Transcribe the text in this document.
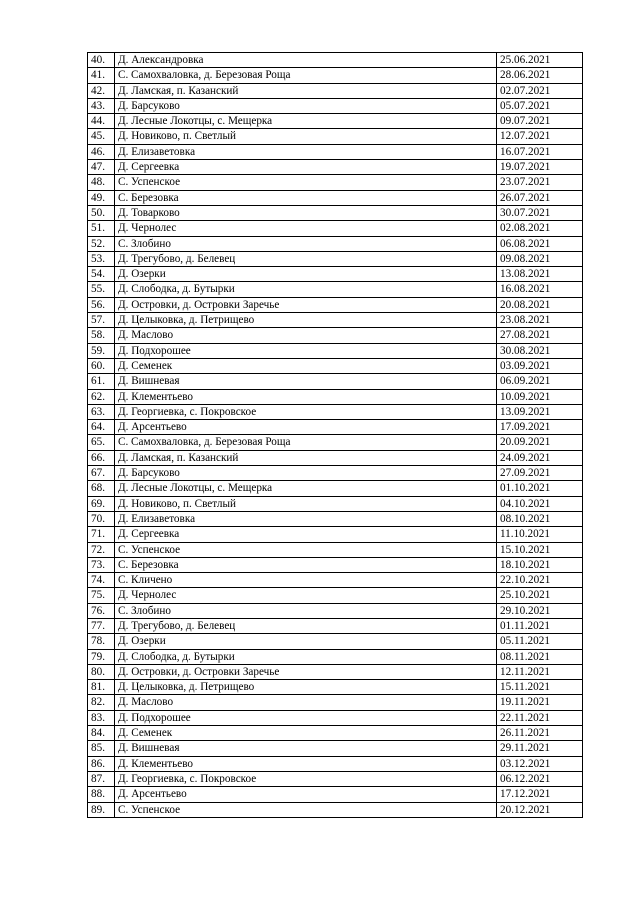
40.	Д. Александровка	25.06.2021
41.	С. Самохваловка, д. Березовая Роща	28.06.2021
42.	Д. Ламская, п. Казанский	02.07.2021
43.	Д. Барсуково	05.07.2021
44.	Д. Лесные Локотцы, с. Мещерка	09.07.2021
45.	Д. Новиково, п. Светлый	12.07.2021
46.	Д. Елизаветовка	16.07.2021
47.	Д. Сергеевка	19.07.2021
48.	С. Успенское	23.07.2021
49.	С. Березовка	26.07.2021
50.	Д. Товарково	30.07.2021
51.	Д. Чернолес	02.08.2021
52.	С. Злобино	06.08.2021
53.	Д. Трегубово, д. Белевец	09.08.2021
54.	Д. Озерки	13.08.2021
55.	Д. Слободка, д. Бутырки	16.08.2021
56.	Д. Островки, д. Островки Заречье	20.08.2021
57.	Д. Целыковка, д. Петрищево	23.08.2021
58.	Д. Маслово	27.08.2021
59.	Д. Подхорошее	30.08.2021
60.	Д. Семенек	03.09.2021
61.	Д. Вишневая	06.09.2021
62.	Д. Клементьево	10.09.2021
63.	Д. Георгиевка, с. Покровское	13.09.2021
64.	Д. Арсентьево	17.09.2021
65.	С. Самохваловка, д. Березовая Роща	20.09.2021
66.	Д. Ламская, п. Казанский	24.09.2021
67.	Д. Барсуково	27.09.2021
68.	Д. Лесные Локотцы, с. Мещерка	01.10.2021
69.	Д. Новиково, п. Светлый	04.10.2021
70.	Д. Елизаветовка	08.10.2021
71.	Д. Сергеевка	11.10.2021
72.	С. Успенское	15.10.2021
73.	С. Березовка	18.10.2021
74.	С. Кличено	22.10.2021
75.	Д. Чернолес	25.10.2021
76.	С. Злобино	29.10.2021
77.	Д. Трегубово, д. Белевец	01.11.2021
78.	Д. Озерки	05.11.2021
79.	Д. Слободка, д. Бутырки	08.11.2021
80.	Д. Островки, д. Островки Заречье	12.11.2021
81.	Д. Целыковка, д. Петрищево	15.11.2021
82.	Д. Маслово	19.11.2021
83.	Д. Подхорошее	22.11.2021
84.	Д. Семенек	26.11.2021
85.	Д. Вишневая	29.11.2021
86.	Д. Клементьево	03.12.2021
87.	Д. Георгиевка, с. Покровское	06.12.2021
88.	Д. Арсентьево	17.12.2021
89.	С. Успенское	20.12.2021
